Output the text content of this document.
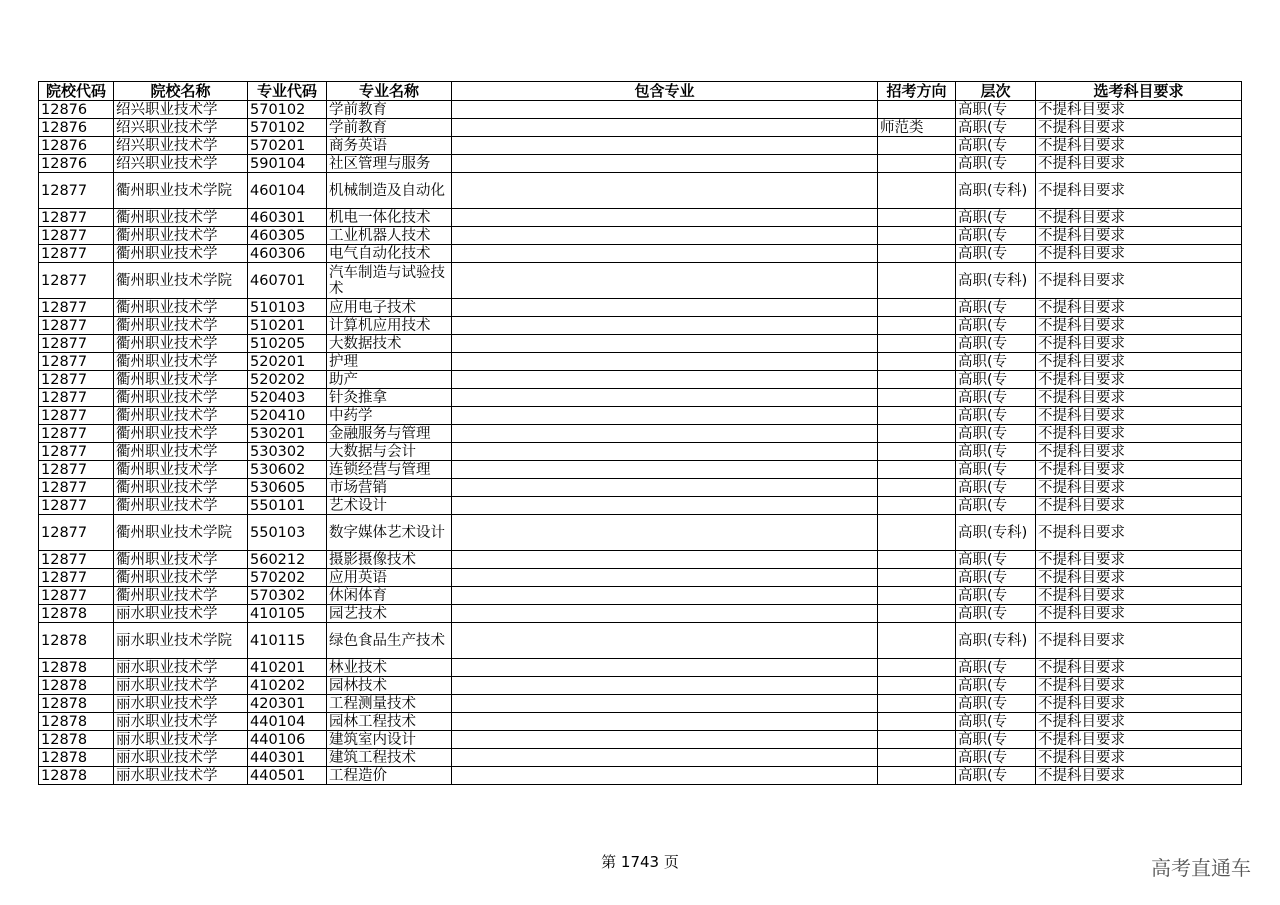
院校代码	院校名称	专业代码	专业名称	包含专业	招考方向	层次	选考科目要求
12876	绍兴职业技术学	570102	学前教育			高职(专	不提科目要求
12876	绍兴职业技术学	570102	学前教育		师范类	高职(专	不提科目要求
12876	绍兴职业技术学	570201	商务英语			高职(专	不提科目要求
12876	绍兴职业技术学	590104	社区管理与服务			高职(专	不提科目要求
12877	衢州职业技术学院	460104	机械制造及自动化			高职(专科)	不提科目要求
12877	衢州职业技术学	460301	机电一体化技术			高职(专	不提科目要求
12877	衢州职业技术学	460305	工业机器人技术			高职(专	不提科目要求
12877	衢州职业技术学	460306	电气自动化技术			高职(专	不提科目要求
12877	衢州职业技术学院	460701	汽车制造与试验技术			高职(专科)	不提科目要求
12877	衢州职业技术学	510103	应用电子技术			高职(专	不提科目要求
12877	衢州职业技术学	510201	计算机应用技术			高职(专	不提科目要求
12877	衢州职业技术学	510205	大数据技术			高职(专	不提科目要求
12877	衢州职业技术学	520201	护理			高职(专	不提科目要求
12877	衢州职业技术学	520202	助产			高职(专	不提科目要求
12877	衢州职业技术学	520403	针灸推拿			高职(专	不提科目要求
12877	衢州职业技术学	520410	中药学			高职(专	不提科目要求
12877	衢州职业技术学	530201	金融服务与管理			高职(专	不提科目要求
12877	衢州职业技术学	530302	大数据与会计			高职(专	不提科目要求
12877	衢州职业技术学	530602	连锁经营与管理			高职(专	不提科目要求
12877	衢州职业技术学	530605	市场营销			高职(专	不提科目要求
12877	衢州职业技术学	550101	艺术设计			高职(专	不提科目要求
12877	衢州职业技术学院	550103	数字媒体艺术设计			高职(专科)	不提科目要求
12877	衢州职业技术学	560212	摄影摄像技术			高职(专	不提科目要求
12877	衢州职业技术学	570202	应用英语			高职(专	不提科目要求
12877	衢州职业技术学	570302	休闲体育			高职(专	不提科目要求
12878	丽水职业技术学	410105	园艺技术			高职(专	不提科目要求
12878	丽水职业技术学院	410115	绿色食品生产技术			高职(专科)	不提科目要求
12878	丽水职业技术学	410201	林业技术			高职(专	不提科目要求
12878	丽水职业技术学	410202	园林技术			高职(专	不提科目要求
12878	丽水职业技术学	420301	工程测量技术			高职(专	不提科目要求
12878	丽水职业技术学	440104	园林工程技术			高职(专	不提科目要求
12878	丽水职业技术学	440106	建筑室内设计			高职(专	不提科目要求
12878	丽水职业技术学	440301	建筑工程技术			高职(专	不提科目要求
12878	丽水职业技术学	440501	工程造价			高职(专	不提科目要求
第 1743 页	高考直通车
